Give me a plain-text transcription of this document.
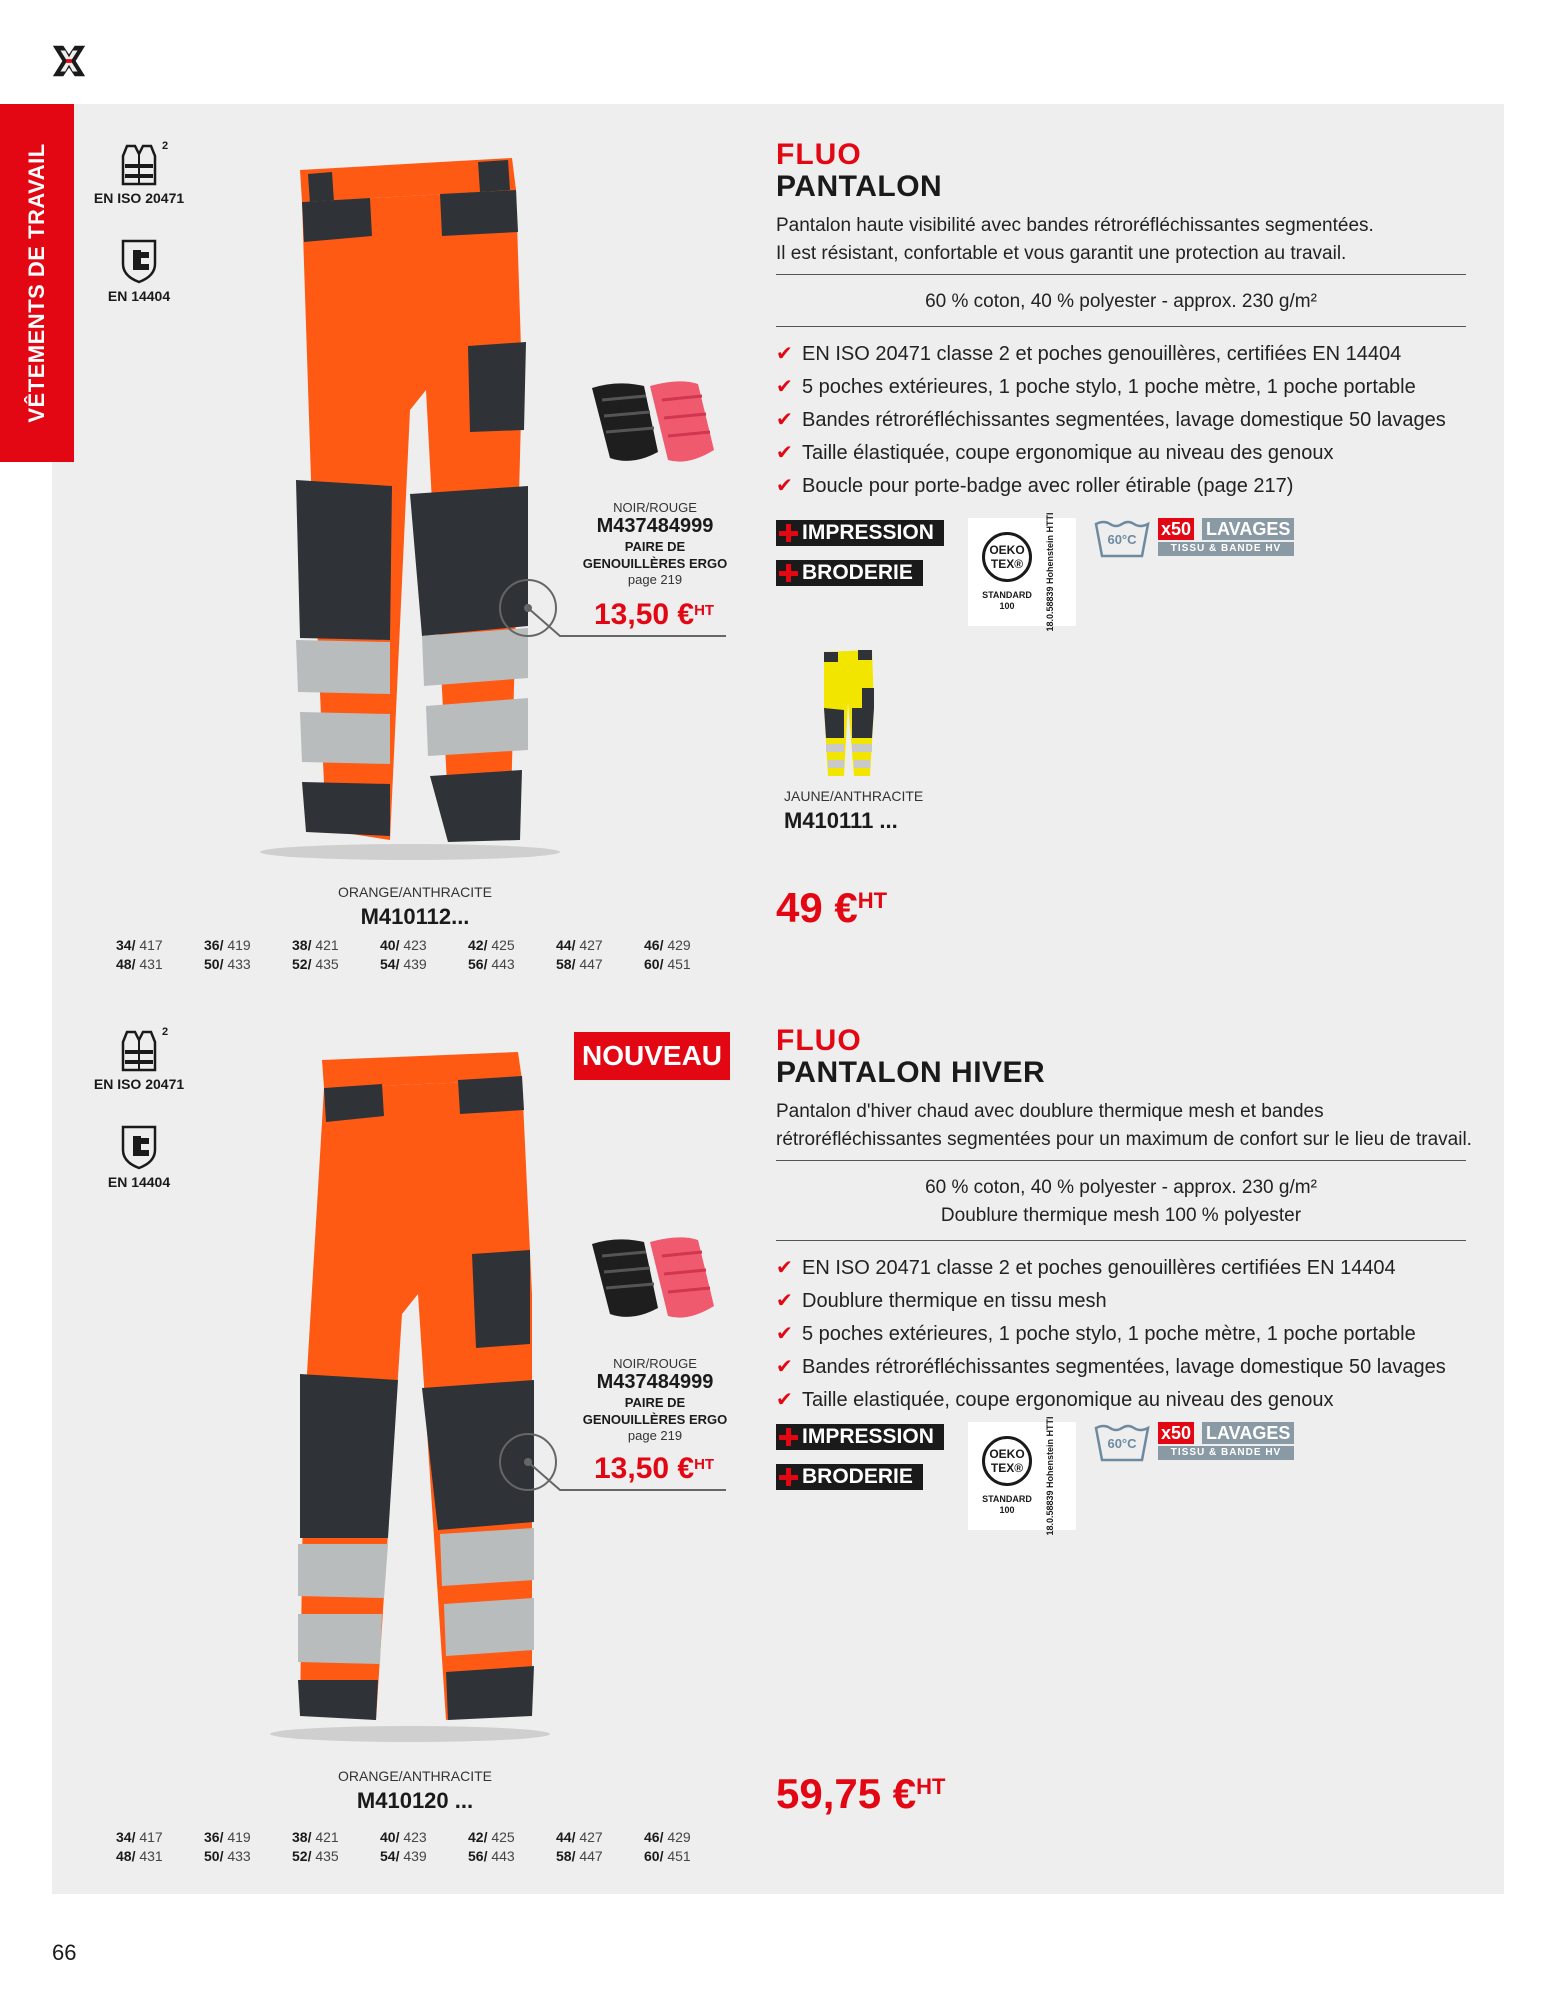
VÊTEMENTS DE TRAVAIL	2
EN ISO 20471
EN 14404
NOIR/ROUGE
M437484999
PAIRE DE
GENOUILLÈRES ERGO
page 219
13,50 €$^{HT}$
ORANGE/ANTHRACITE
M410112...
34/ 417	36/ 419	38/ 421	40/ 423	42/ 425	44/ 427	46/ 429
48/ 431	50/ 433	52/ 435	54/ 439	56/ 443	58/ 447	60/ 451
FLUO
PANTALON
Pantalon haute visibilité avec bandes rétroréfléchissantes segmentées.
Il est résistant, confortable et vous garantit une protection au travail.
60 % coton, 40 % polyester - approx. 230 g/m²
✔ EN ISO 20471 classe 2 et poches genouillères, certifiées EN 14404
✔ 5 poches extérieures, 1 poche stylo, 1 poche mètre, 1 poche portable
✔ Bandes rétroréfléchissantes segmentées, lavage domestique 50 lavages
✔ Taille élastiquée, coupe ergonomique au niveau des genoux
✔ Boucle pour porte-badge avec roller étirable (page 217)
IMPRESSION
BRODERIE
OEKO TEX®
STANDARD 100	18.0.58839 Hohenstein HTTI	60°C
x50 LAVAGES
TISSU & BANDE HV
JAUNE/ANTHRACITE
M410111 ...
49 €$^{HT}$
2
EN ISO 20471
EN 14404
NOUVEAU
NOIR/ROUGE
M437484999
PAIRE DE
GENOUILLÈRES ERGO
page 219
13,50 €$^{HT}$
ORANGE/ANTHRACITE
M410120 ...
34/ 417	36/ 419	38/ 421	40/ 423	42/ 425	44/ 427	46/ 429
48/ 431	50/ 433	52/ 435	54/ 439	56/ 443	58/ 447	60/ 451
FLUO
PANTALON HIVER
Pantalon d'hiver chaud avec doublure thermique mesh et bandes
rétroréfléchissantes segmentées pour un maximum de confort sur le lieu de travail.
60 % coton, 40 % polyester - approx. 230 g/m²
Doublure thermique mesh 100 % polyester
✔ EN ISO 20471 classe 2 et poches genouillères certifiées EN 14404
✔ Doublure thermique en tissu mesh
✔ 5 poches extérieures, 1 poche stylo, 1 poche mètre, 1 poche portable
✔ Bandes rétroréfléchissantes segmentées, lavage domestique 50 lavages
✔ Taille elastiquée, coupe ergonomique au niveau des genoux
IMPRESSION
BRODERIE
OEKO TEX®
STANDARD 100	18.0.58839 Hohenstein HTTI	60°C
x50 LAVAGES
TISSU & BANDE HV
59,75 €$^{HT}$
66
